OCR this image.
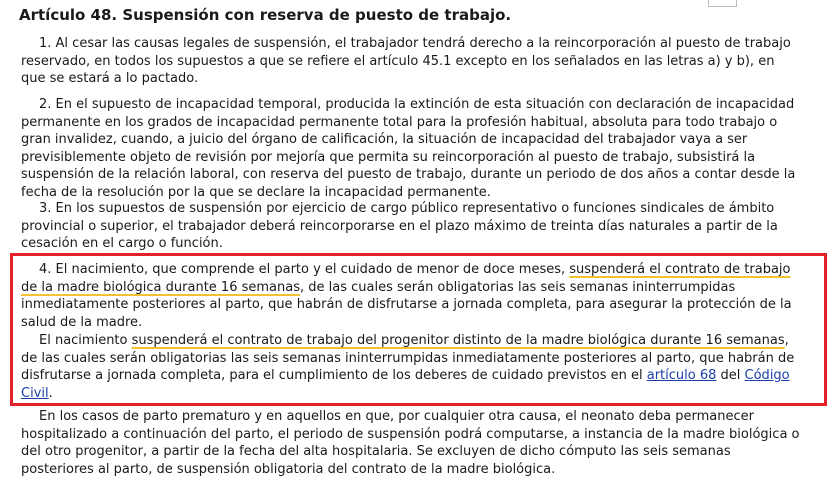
Artículo 48. Suspensión con reserva de puesto de trabajo.

1. Al cesar las causas legales de suspensión, el trabajador tendrá derecho a la reincorporación al puesto de trabajo
reservado, en todos los supuestos a que se refiere el artículo 45.1 excepto en los señalados en las letras a) y b), en
que se estará a lo pactado.

2. En el supuesto de incapacidad temporal, producida la extinción de esta situación con declaración de incapacidad
permanente en los grados de incapacidad permanente total para la profesión habitual, absoluta para todo trabajo o
gran invalidez, cuando, a juicio del órgano de calificación, la situación de incapacidad del trabajador vaya a ser
previsiblemente objeto de revisión por mejoría que permita su reincorporación al puesto de trabajo, subsistirá la
suspensión de la relación laboral, con reserva del puesto de trabajo, durante un periodo de dos años a contar desde la
fecha de la resolución por la que se declare la incapacidad permanente.

3. En los supuestos de suspensión por ejercicio de cargo público representativo o funciones sindicales de ámbito
provincial o superior, el trabajador deberá reincorporarse en el plazo máximo de treinta días naturales a partir de la
cesación en el cargo o función.

4. El nacimiento, que comprende el parto y el cuidado de menor de doce meses, suspenderá el contrato de trabajo
de la madre biológica durante 16 semanas, de las cuales serán obligatorias las seis semanas ininterrumpidas
inmediatamente posteriores al parto, que habrán de disfrutarse a jornada completa, para asegurar la protección de la
salud de la madre.

El nacimiento suspenderá el contrato de trabajo del progenitor distinto de la madre biológica durante 16 semanas,
de las cuales serán obligatorias las seis semanas ininterrumpidas inmediatamente posteriores al parto, que habrán de
disfrutarse a jornada completa, para el cumplimiento de los deberes de cuidado previstos en el artículo 68 del Código
Civil.

En los casos de parto prematuro y en aquellos en que, por cualquier otra causa, el neonato deba permanecer
hospitalizado a continuación del parto, el periodo de suspensión podrá computarse, a instancia de la madre biológica o
del otro progenitor, a partir de la fecha del alta hospitalaria. Se excluyen de dicho cómputo las seis semanas
posteriores al parto, de suspensión obligatoria del contrato de la madre biológica.
